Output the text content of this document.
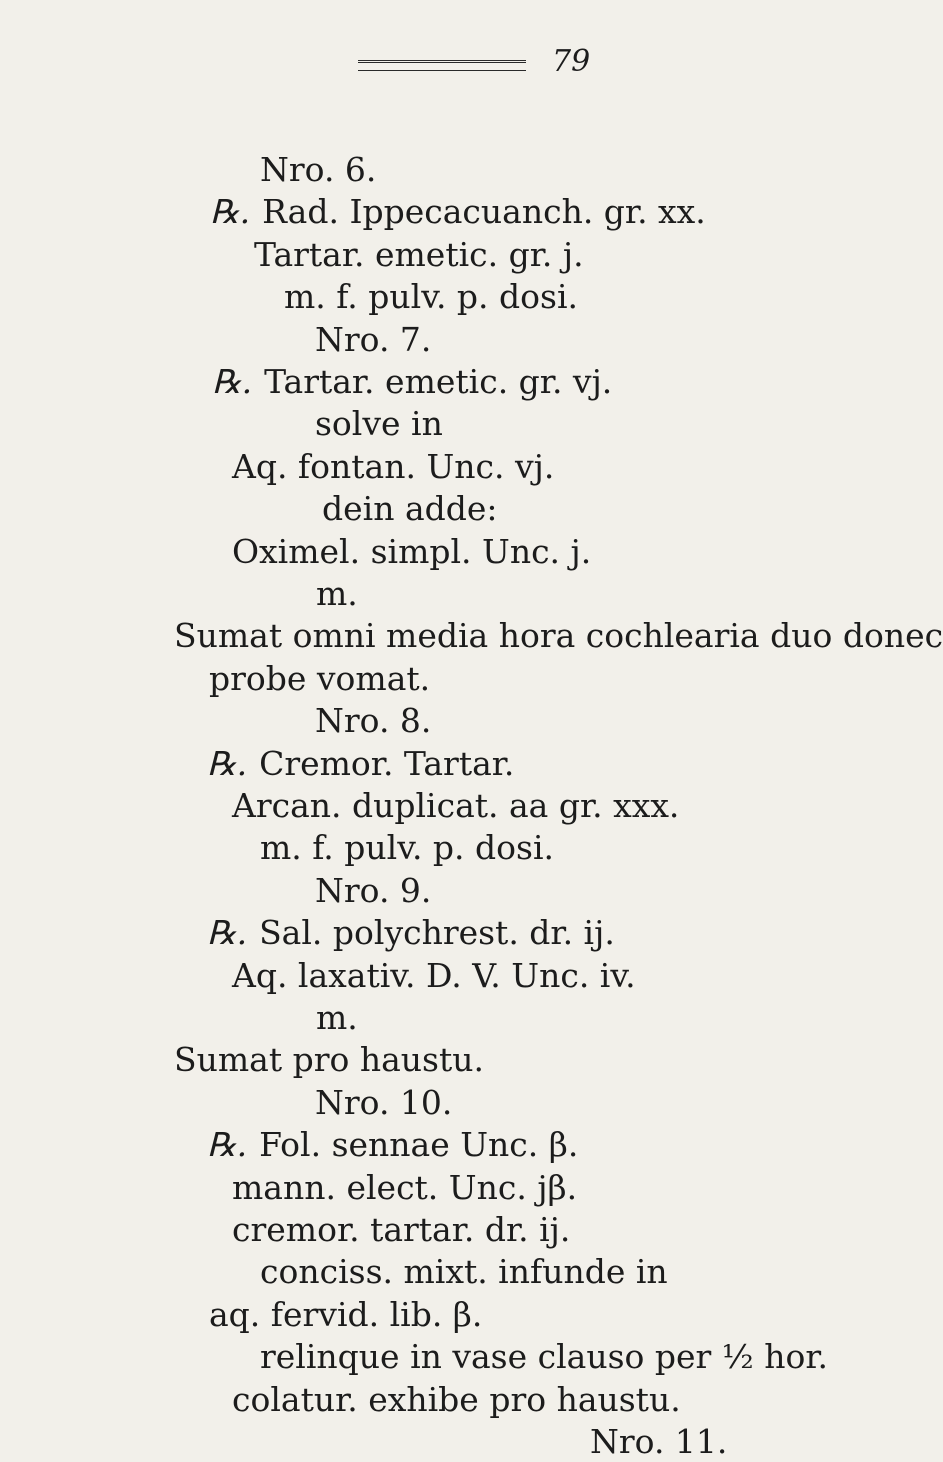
79
Nro. 6.
℞. Rad. Ippecacuanch. gr. xx.
Tartar. emetic. gr. j.
m. f. pulv. p. dosi.
Nro. 7.
℞. Tartar. emetic. gr. vj.
solve in
Aq. fontan. Unc. vj.
dein adde:
Oximel. simpl. Unc. j.
m.
Sumat omni media hora cochlearia duo donec
probe vomat.
Nro. 8.
℞. Cremor. Tartar.
Arcan. duplicat. aa gr. xxx.
m. f. pulv. p. dosi.
Nro. 9.
℞. Sal. polychrest. dr. ij.
Aq. laxativ. D. V. Unc. iv.
m.
Sumat pro haustu.
Nro. 10.
℞. Fol. sennae Unc. β.
mann. elect. Unc. jβ.
cremor. tartar. dr. ij.
conciss. mixt. infunde in
aq. fervid. lib. β.
relinque in vase clauso per ½ hor.
colatur. exhibe pro haustu.
Nro. 11.
